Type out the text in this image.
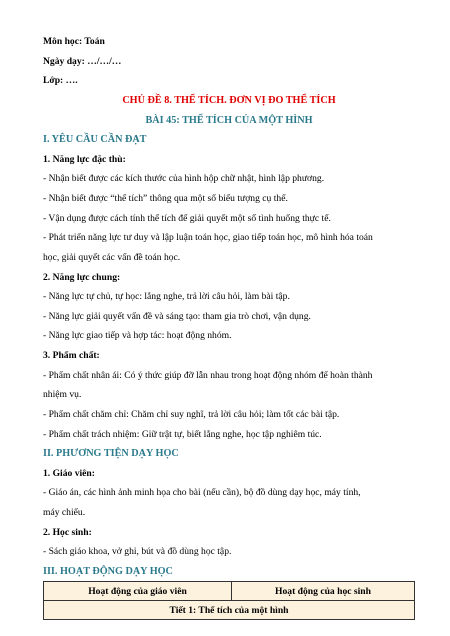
Môn học: Toán
Ngày dạy: …/…/…
Lớp: ….
CHỦ ĐỀ 8. THỂ TÍCH. ĐƠN VỊ ĐO THỂ TÍCH
BÀI 45: THỂ TÍCH CỦA MỘT HÌNH
I. YÊU CẦU CẦN ĐẠT
1. Năng lực đặc thù:
- Nhận biết được các kích thước của hình hộp chữ nhật, hình lập phương.
- Nhận biết được “thể tích” thông qua một số biểu tượng cụ thể.
- Vận dụng được cách tính thể tích để giải quyết một số tình huống thực tế.
- Phát triển năng lực tư duy và lập luận toán học, giao tiếp toán học, mô hình hóa toán
học, giải quyết các vấn đề toán học.
2. Năng lực chung:
- Năng lực tự chủ, tự học: lắng nghe, trả lời câu hỏi, làm bài tập.
- Năng lực giải quyết vấn đề và sáng tạo: tham gia trò chơi, vận dụng.
- Năng lực giao tiếp và hợp tác: hoạt động nhóm.
3. Phẩm chất:
- Phẩm chất nhân ái: Có ý thức giúp đỡ lẫn nhau trong hoạt động nhóm để hoàn thành
nhiệm vụ.
- Phẩm chất chăm chỉ: Chăm chỉ suy nghĩ, trả lời câu hỏi; làm tốt các bài tập.
- Phẩm chất trách nhiệm: Giữ trật tự, biết lắng nghe, học tập nghiêm túc.
II. PHƯƠNG TIỆN DẠY HỌC
1. Giáo viên:
- Giáo án, các hình ảnh minh họa cho bài (nếu cần), bộ đồ dùng dạy học, máy tính,
máy chiếu.
2. Học sinh:
- Sách giáo khoa, vở ghi, bút và đồ dùng học tập.
III. HOẠT ĐỘNG DẠY HỌC
Hoạt động của giáo viên	Hoạt động của học sinh
Tiết 1: Thể tích của một hình
